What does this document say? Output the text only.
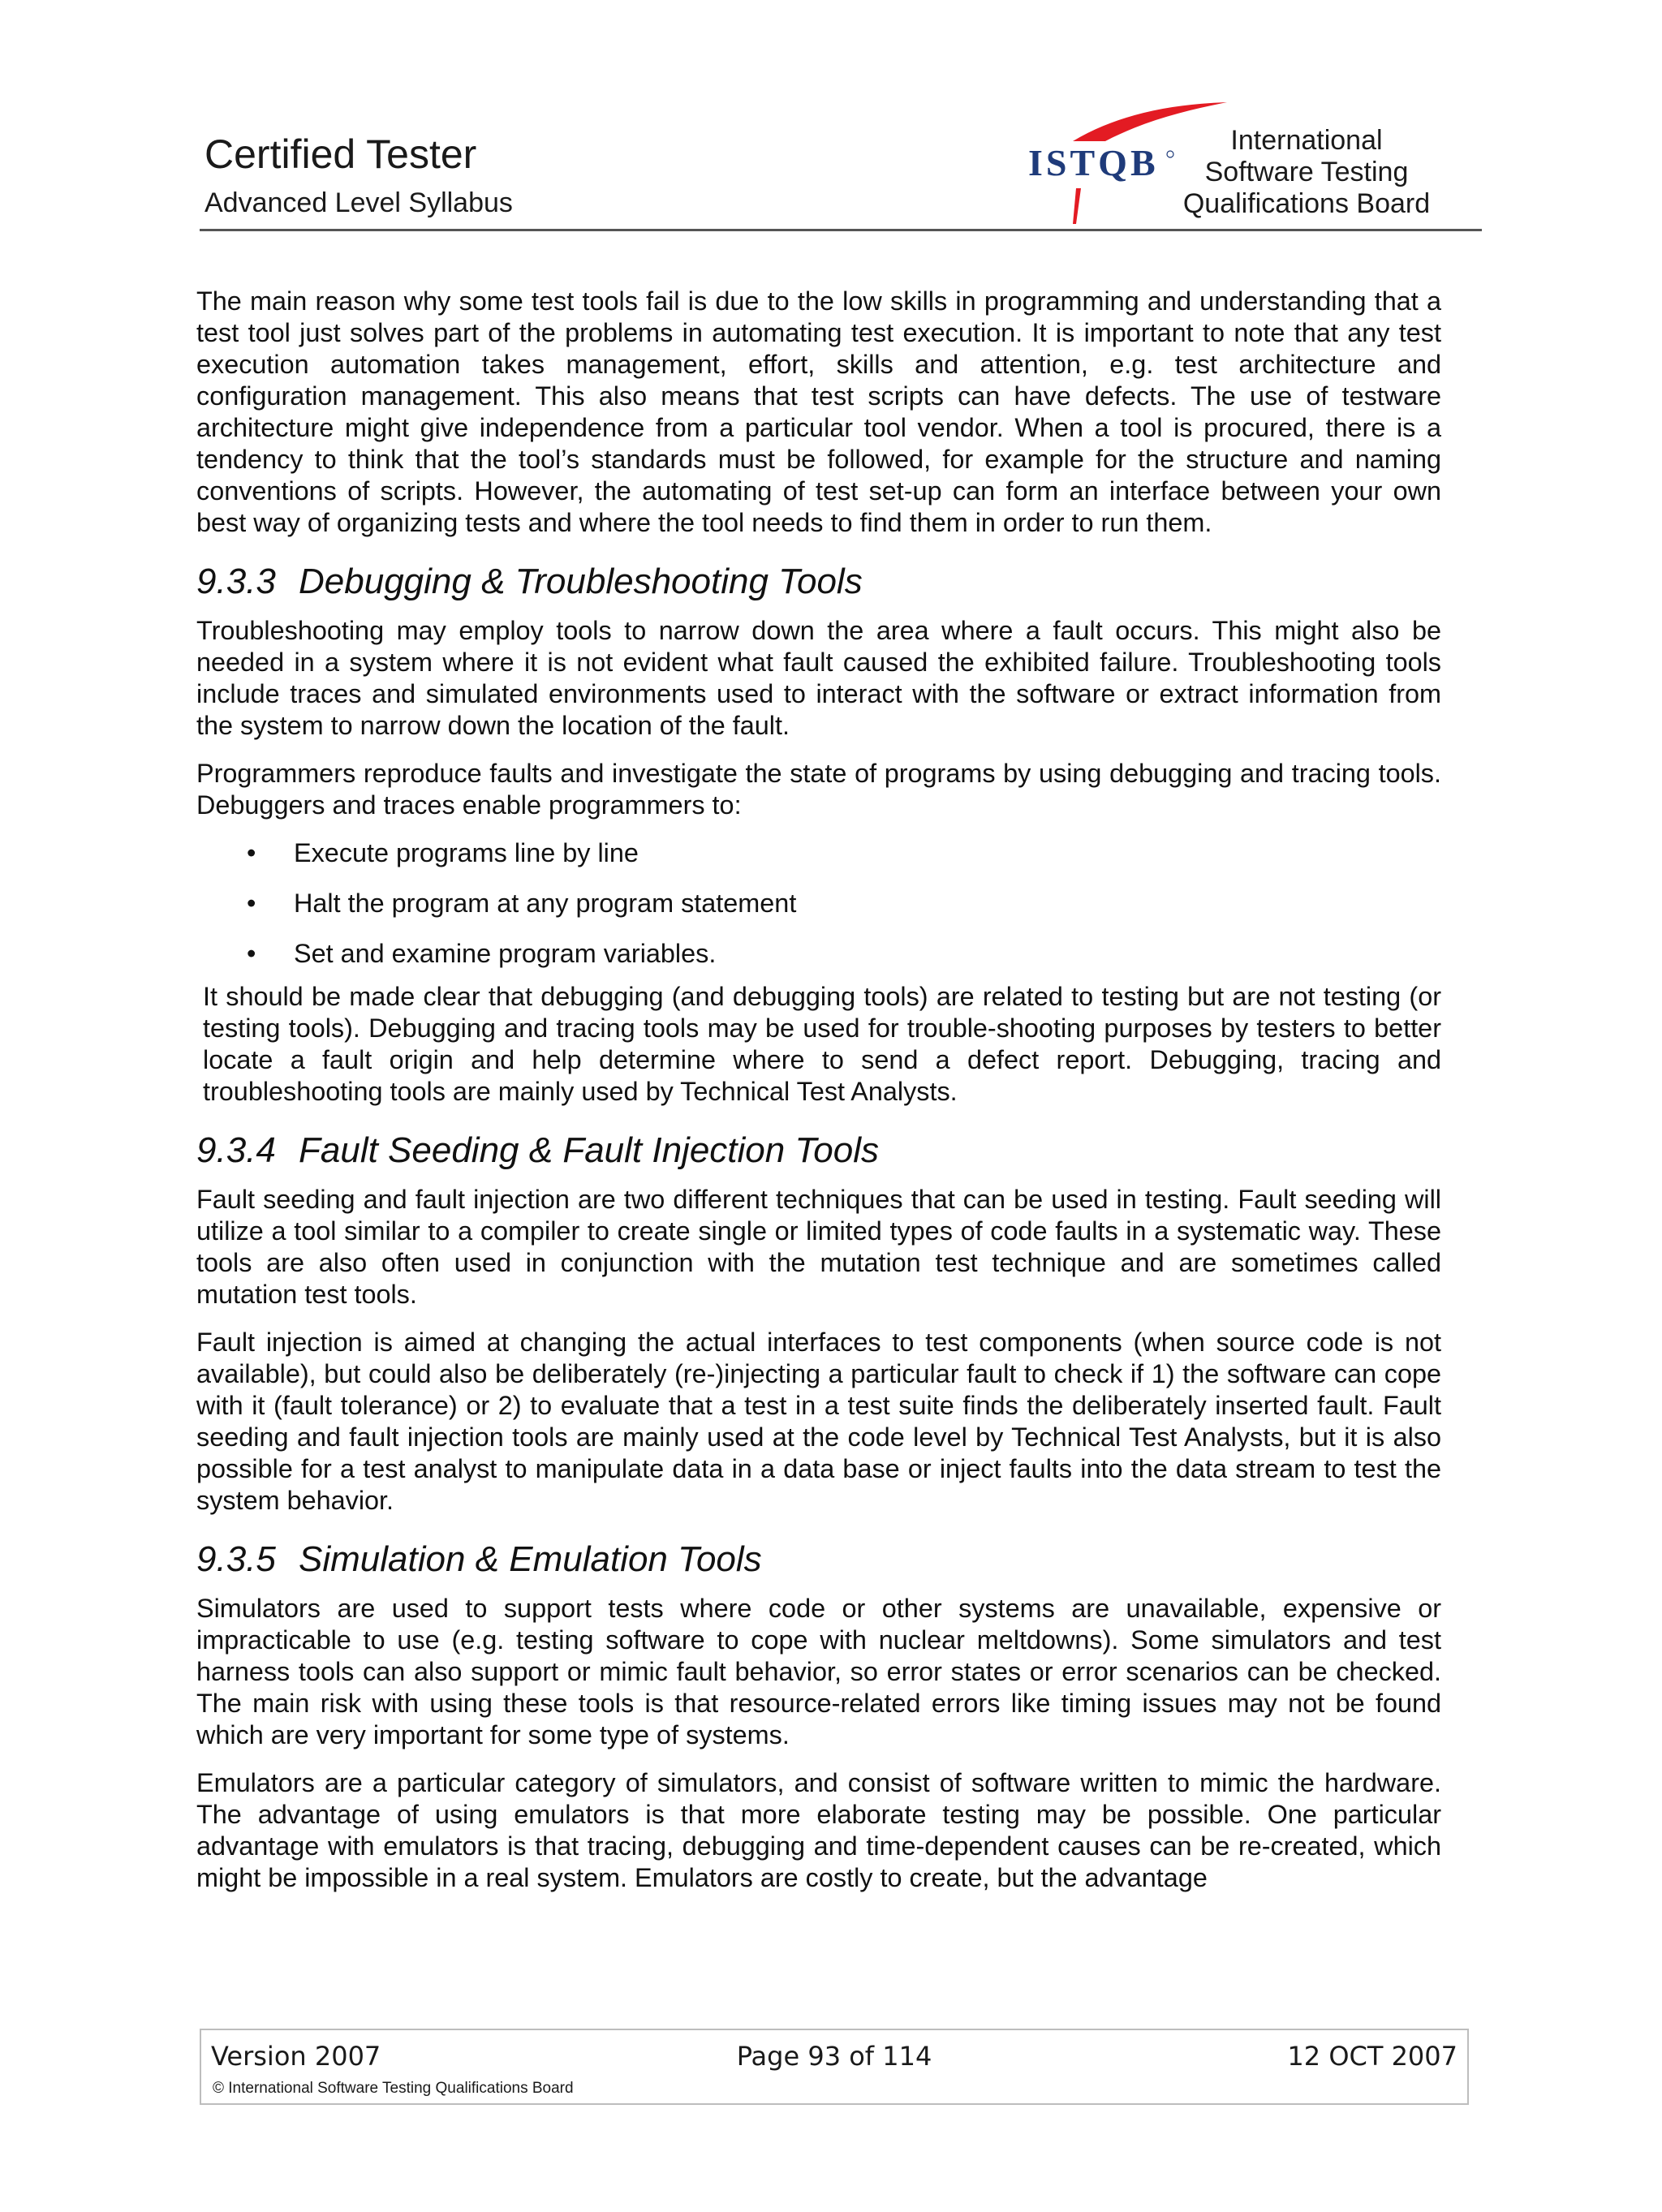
Certified Tester
Advanced Level Syllabus
ISTQB
International
Software Testing
Qualifications Board

The main reason why some test tools fail is due to the low skills in programming and understanding that a test tool just solves part of the problems in automating test execution. It is important to note that any test execution automation takes management, effort, skills and attention, e.g. test architecture and configuration management. This also means that test scripts can have defects. The use of testware architecture might give independence from a particular tool vendor. When a tool is procured, there is a tendency to think that the tool’s standards must be followed, for example for the structure and naming conventions of scripts. However, the automating of test set-up can form an interface between your own best way of organizing tests and where the tool needs to find them in order to run them.

9.3.3 Debugging & Troubleshooting Tools

Troubleshooting may employ tools to narrow down the area where a fault occurs. This might also be needed in a system where it is not evident what fault caused the exhibited failure. Troubleshooting tools include traces and simulated environments used to interact with the software or extract information from the system to narrow down the location of the fault.

Programmers reproduce faults and investigate the state of programs by using debugging and tracing tools. Debuggers and traces enable programmers to:

• Execute programs line by line
• Halt the program at any program statement
• Set and examine program variables.

It should be made clear that debugging (and debugging tools) are related to testing but are not testing (or testing tools). Debugging and tracing tools may be used for trouble-shooting purposes by testers to better locate a fault origin and help determine where to send a defect report. Debugging, tracing and troubleshooting tools are mainly used by Technical Test Analysts.

9.3.4 Fault Seeding & Fault Injection Tools

Fault seeding and fault injection are two different techniques that can be used in testing. Fault seeding will utilize a tool similar to a compiler to create single or limited types of code faults in a systematic way. These tools are also often used in conjunction with the mutation test technique and are sometimes called mutation test tools.

Fault injection is aimed at changing the actual interfaces to test components (when source code is not available), but could also be deliberately (re-)injecting a particular fault to check if 1) the software can cope with it (fault tolerance) or 2) to evaluate that a test in a test suite finds the deliberately inserted fault. Fault seeding and fault injection tools are mainly used at the code level by Technical Test Analysts, but it is also possible for a test analyst to manipulate data in a data base or inject faults into the data stream to test the system behavior.

9.3.5 Simulation & Emulation Tools

Simulators are used to support tests where code or other systems are unavailable, expensive or impracticable to use (e.g. testing software to cope with nuclear meltdowns). Some simulators and test harness tools can also support or mimic fault behavior, so error states or error scenarios can be checked. The main risk with using these tools is that resource-related errors like timing issues may not be found which are very important for some type of systems.

Emulators are a particular category of simulators, and consist of software written to mimic the hardware. The advantage of using emulators is that more elaborate testing may be possible. One particular advantage with emulators is that tracing, debugging and time-dependent causes can be re-created, which might be impossible in a real system. Emulators are costly to create, but the advantage

Version 2007	Page 93 of 114	12 OCT 2007
© International Software Testing Qualifications Board
